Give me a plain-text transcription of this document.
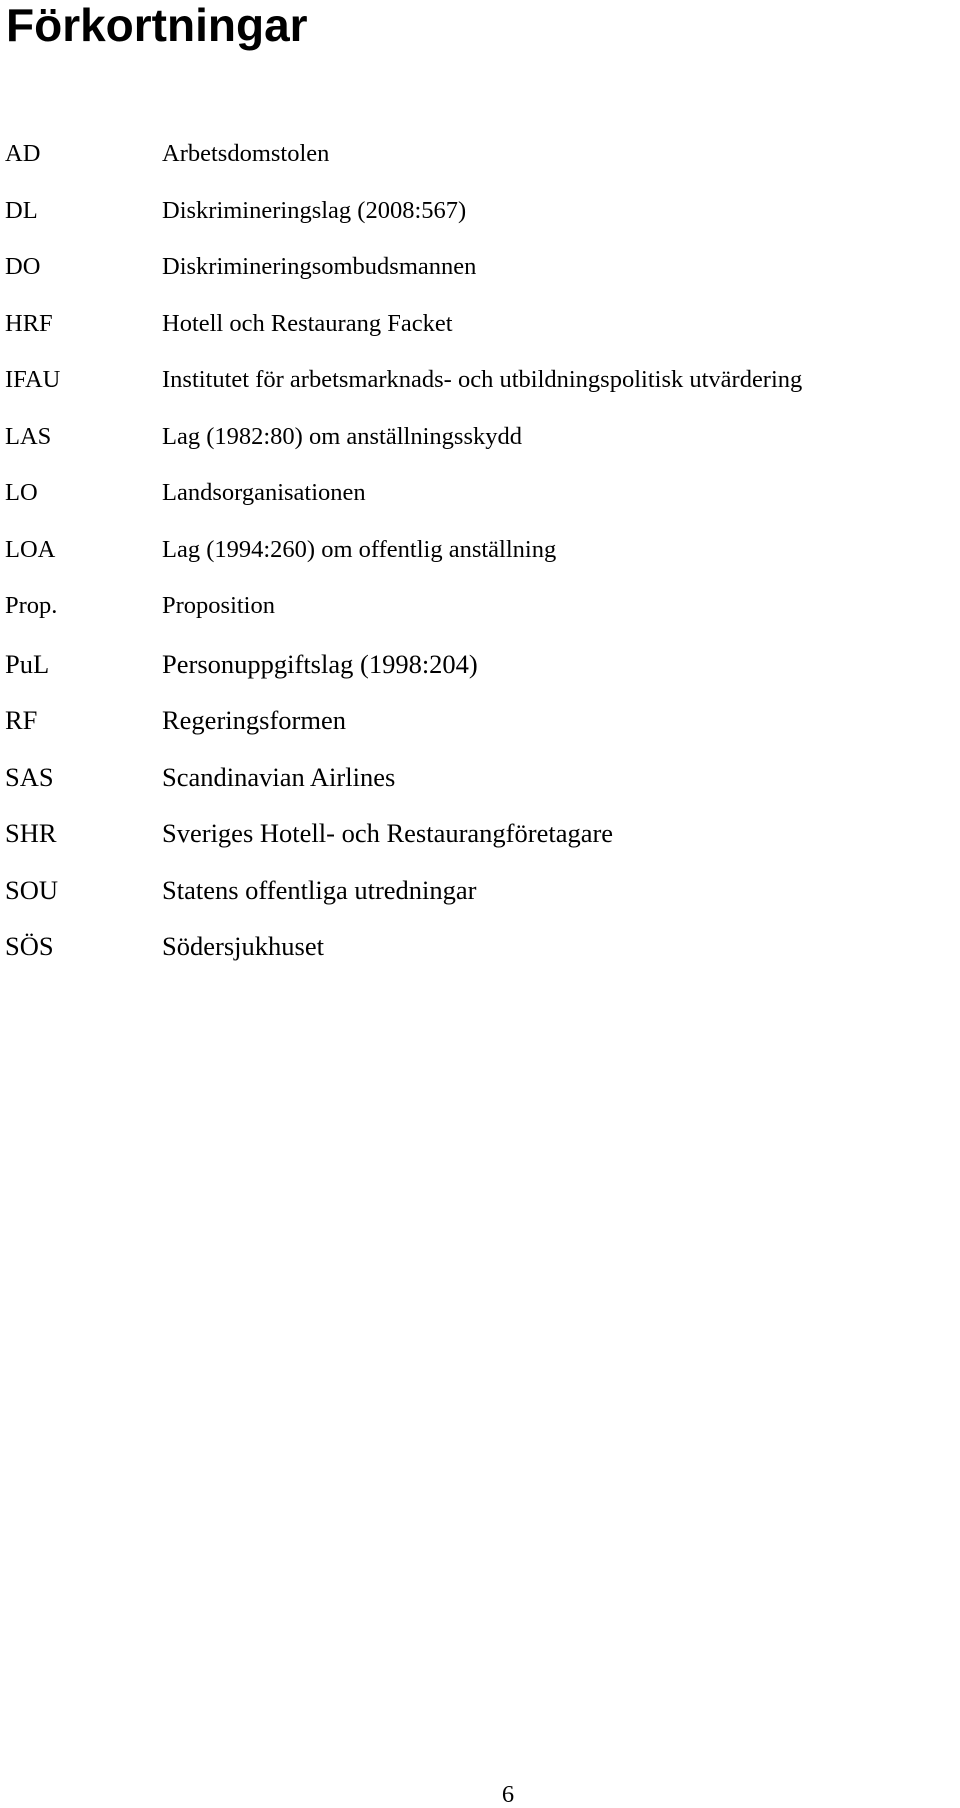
Förkortningar
AD	Arbetsdomstolen
DL	Diskrimineringslag (2008:567)
DO	Diskrimineringsombudsmannen
HRF	Hotell och Restaurang Facket
IFAU	Institutet för arbetsmarknads- och utbildningspolitisk utvärdering
LAS	Lag (1982:80) om anställningsskydd
LO	Landsorganisationen
LOA	Lag (1994:260) om offentlig anställning
Prop.	Proposition
PuL	Personuppgiftslag (1998:204)
RF	Regeringsformen
SAS	Scandinavian Airlines
SHR	Sveriges Hotell- och Restaurangföretagare
SOU	Statens offentliga utredningar
SÖS	Södersjukhuset
6
